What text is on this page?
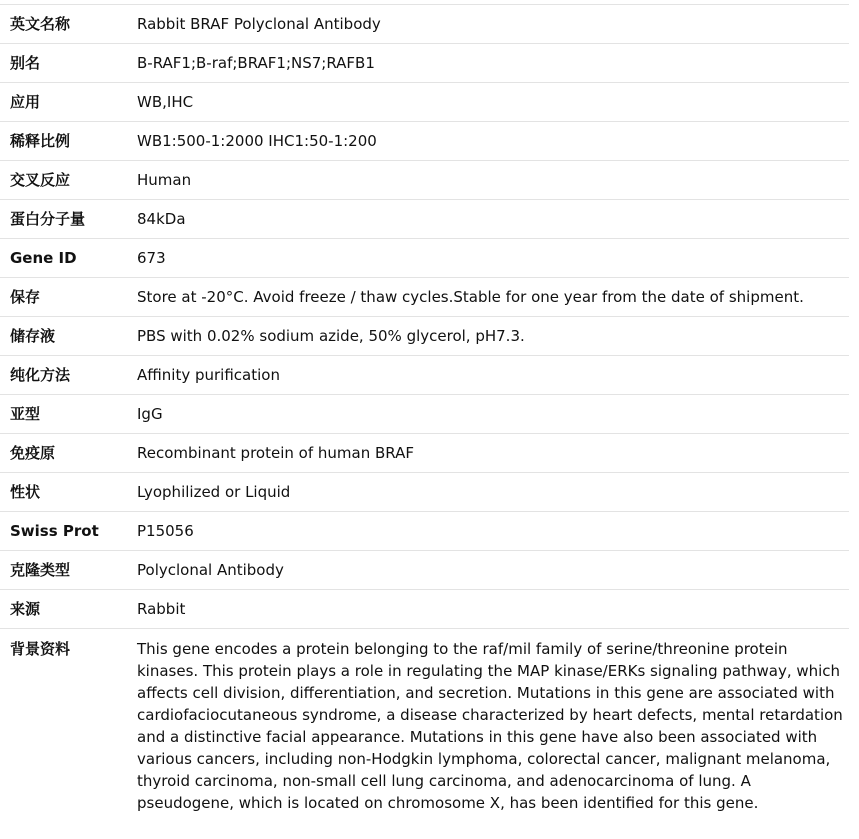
英文名称	Rabbit BRAF Polyclonal Antibody
别名	B-RAF1;B-raf;BRAF1;NS7;RAFB1
应用	WB,IHC
稀释比例	WB1:500-1:2000 IHC1:50-1:200
交叉反应	Human
蛋白分子量	84kDa
Gene ID	673
保存	Store at -20°C. Avoid freeze / thaw cycles.Stable for one year from the date of shipment.
储存液	PBS with 0.02% sodium azide, 50% glycerol, pH7.3.
纯化方法	Affinity purification
亚型	IgG
免疫原	Recombinant protein of human BRAF
性状	Lyophilized or Liquid
Swiss Prot	P15056
克隆类型	Polyclonal Antibody
来源	Rabbit
背景资料	This gene encodes a protein belonging to the raf/mil family of serine/threonine protein kinases. This protein plays a role in regulating the MAP kinase/ERKs signaling pathway, which affects cell division, differentiation, and secretion. Mutations in this gene are associated with cardiofaciocutaneous syndrome, a disease characterized by heart defects, mental retardation and a distinctive facial appearance. Mutations in this gene have also been associated with various cancers, including non-Hodgkin lymphoma, colorectal cancer, malignant melanoma, thyroid carcinoma, non-small cell lung carcinoma, and adenocarcinoma of lung. A pseudogene, which is located on chromosome X, has been identified for this gene.
